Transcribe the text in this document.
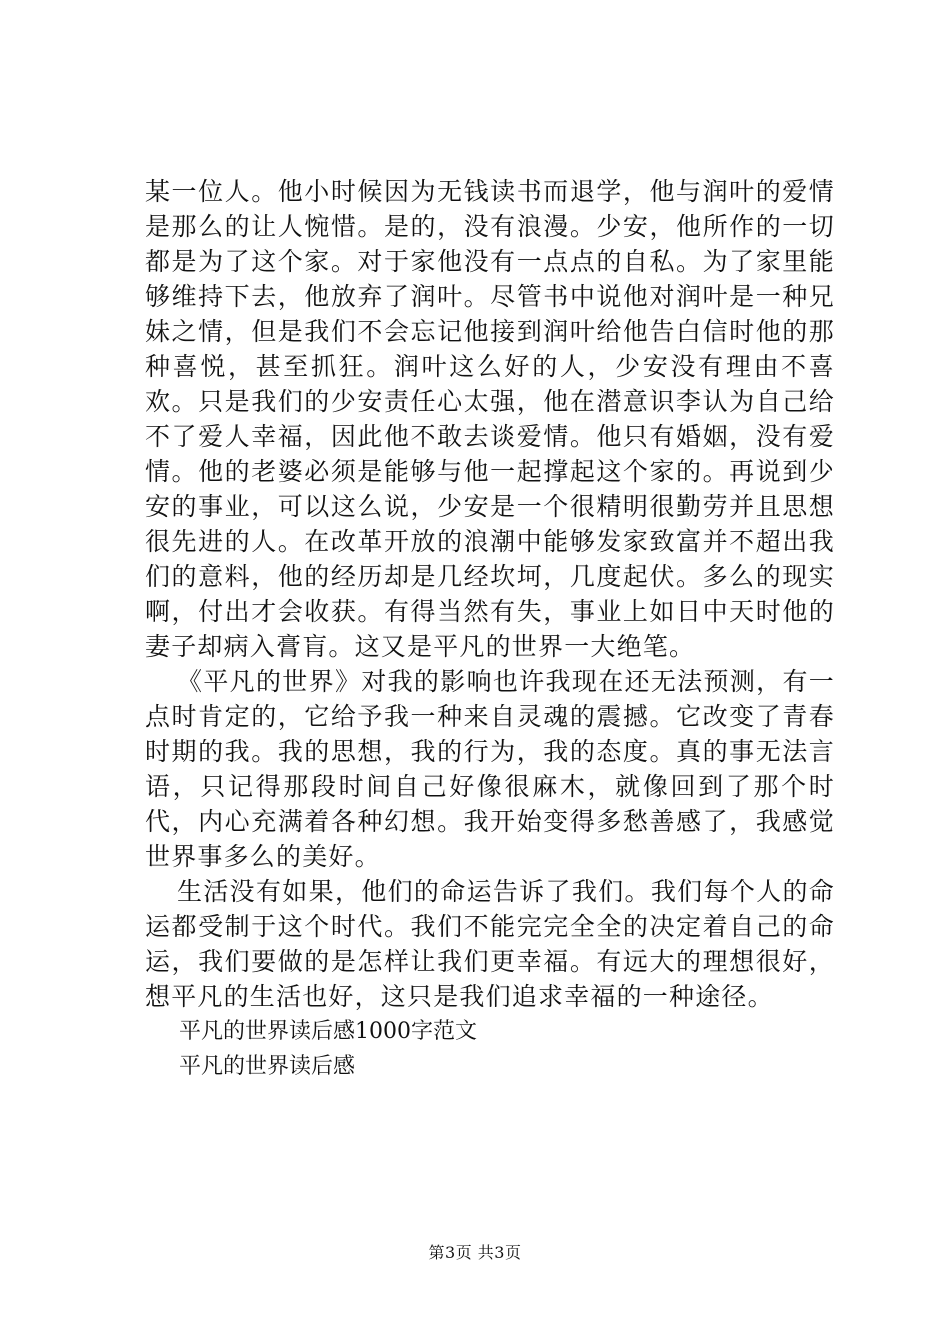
某一位人。他小时候因为无钱读书而退学，他与润叶的爱情是那么的让人惋惜。是的，没有浪漫。少安，他所作的一切都是为了这个家。对于家他没有一点点的自私。为了家里能够维持下去，他放弃了润叶。尽管书中说他对润叶是一种兄妹之情，但是我们不会忘记他接到润叶给他告白信时他的那种喜悦，甚至抓狂。润叶这么好的人，少安没有理由不喜欢。只是我们的少安责任心太强，他在潜意识李认为自己给不了爱人幸福，因此他不敢去谈爱情。他只有婚姻，没有爱情。他的老婆必须是能够与他一起撑起这个家的。再说到少安的事业，可以这么说，少安是一个很精明很勤劳并且思想很先进的人。在改革开放的浪潮中能够发家致富并不超出我们的意料，他的经历却是几经坎坷，几度起伏。多么的现实啊，付出才会收获。有得当然有失，事业上如日中天时他的妻子却病入膏肓。这又是平凡的世界一大绝笔。

《平凡的世界》对我的影响也许我现在还无法预测，有一点时肯定的，它给予我一种来自灵魂的震撼。它改变了青春时期的我。我的思想，我的行为，我的态度。真的事无法言语，只记得那段时间自己好像很麻木，就像回到了那个时代，内心充满着各种幻想。我开始变得多愁善感了，我感觉世界事多么的美好。

生活没有如果，他们的命运告诉了我们。我们每个人的命运都受制于这个时代。我们不能完完全全的决定着自己的命运，我们要做的是怎样让我们更幸福。有远大的理想很好，想平凡的生活也好，这只是我们追求幸福的一种途径。

平凡的世界读后感1000字范文

平凡的世界读后感

第3页 共3页
